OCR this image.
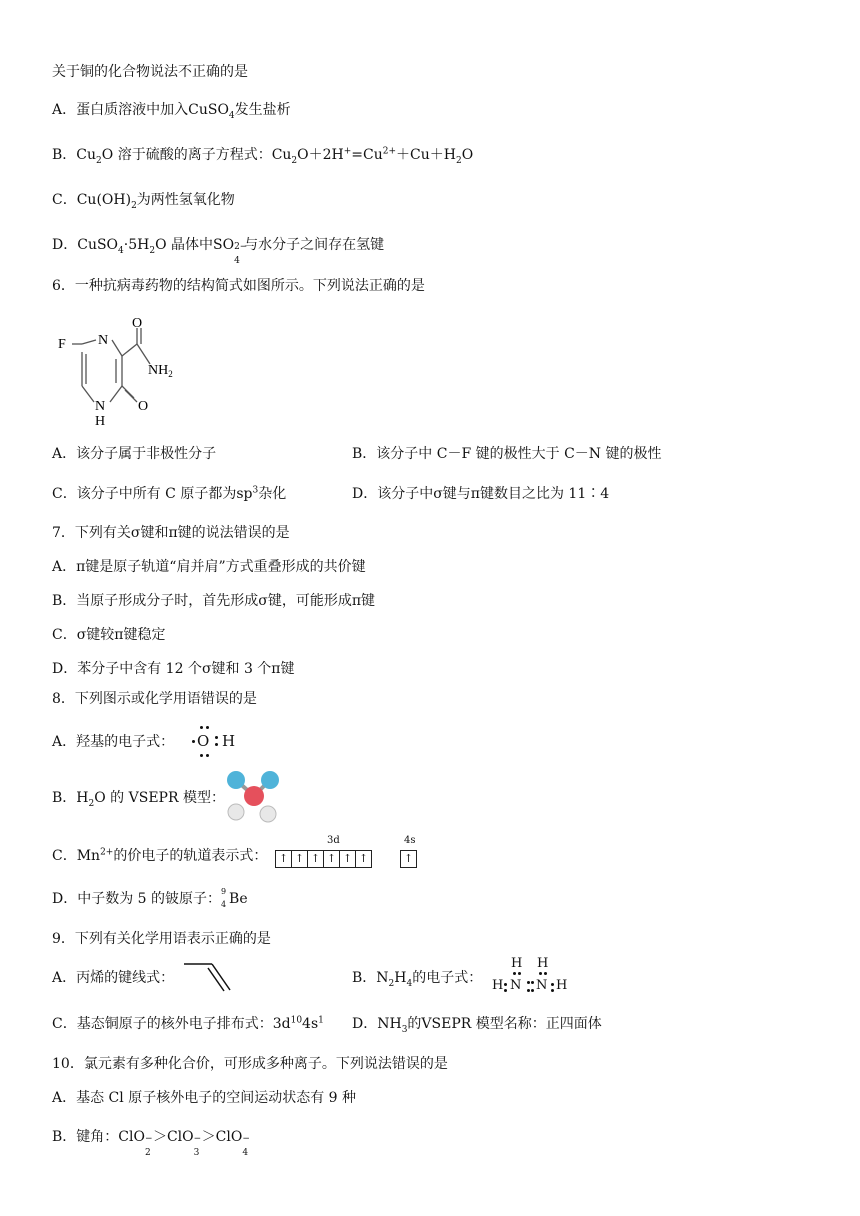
关于铜的化合物说法不正确的是
A．蛋白质溶液中加入CuSO$_4$发生盐析
B．$Cu_2O$ 溶于硫酸的离子方程式：$Cu_2O+2H^+=Cu^{2+}+Cu+H_2O$
C．$Cu(OH)_2$为两性氢氧化物
D．$CuSO_4\cdot 5H_2O$ 晶体中SO 2−
4
与水分子之间存在氢键
6．一种抗病毒药物的结构简式如图所示。下列说法正确的是
F N
O
$NH_2$
N
H
O
A．该分子属于非极性分子	B．该分子中 C－F 键的极性大于 C－N 键的极性
C．该分子中所有 C 原子都为$sp^3$杂化	D．该分子中σ键与π键数目之比为 11∶4
7．下列有关σ键和π键的说法错误的是
A．π键是原子轨道“肩并肩”方式重叠形成的共价键
B．当原子形成分子时，首先形成σ键，可能形成π键
C．σ键较π键稳定
D．苯分子中含有 12 个σ键和 3 个π键
8．下列图示或化学用语错误的是
A．羟基的电子式： O H
B．$H_2O$ 的 VSEPR 模型：
C．$Mn^{2+}$的价电子的轨道表示式：
3d	4s
↑ ↑ ↑ ↑ ↑ ↑	↑
D．中子数为 5 的铍原子： 9
4 Be
9．下列有关化学用语表示正确的是
A．丙烯的键线式：	B．$N_2H_4$的电子式：
H H
H N N H
C．基态铜原子的核外电子排布式：$3d^{10}4s^1$ D．$NH_3$的VSEPR 模型名称：正四面体
10．氯元素有多种化合价，可形成多种离子。下列说法错误的是
A．基态 Cl 原子核外电子的空间运动状态有 9 种
B．键角：ClO −
2
＞ClO −
3
＞ClO −
4
